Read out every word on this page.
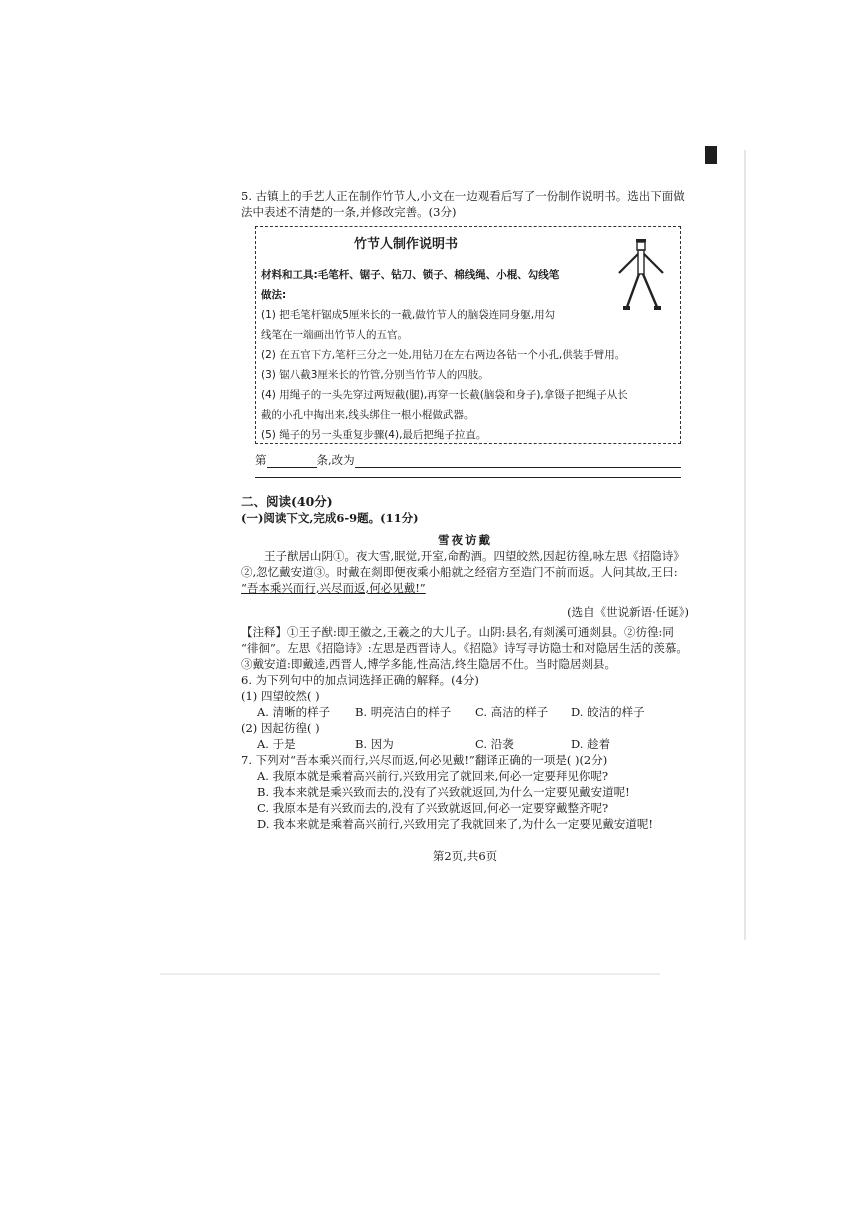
5. 古镇上的手艺人正在制作竹节人,小文在一边观看后写了一份制作说明书。选出下面做法中表述不清楚的一条,并修改完善。(3分)

竹节人制作说明书
材料和工具:毛笔杆、锯子、钻刀、锁子、棉线绳、小棍、勾线笔
做法:
(1) 把毛笔杆锯成5厘米长的一截,做竹节人的脑袋连同身躯,用勾
线笔在一端画出竹节人的五官。
(2) 在五官下方,笔杆三分之一处,用钻刀在左右两边各钻一个小孔,供装手臂用。
(3) 锯八截3厘米长的竹管,分别当竹节人的四肢。
(4) 用绳子的一头先穿过两短截(腿),再穿一长截(脑袋和身子),拿镊子把绳子从长
截的小孔中掏出来,线头绑住一根小棍做武器。
(5) 绳子的另一头重复步骤(4),最后把绳子拉直。
第	条,改为
二、阅读(40分)
(一)阅读下文,完成6-9题。(11分)
雪夜访戴
王子猷居山阴①。夜大雪,眠觉,开室,命酌酒。四望皎然,因起彷徨,咏左思《招隐诗》
②,忽忆戴安道③。时戴在剡即便夜乘小船就之经宿方至造门不前而返。人问其故,王曰:
“吾本乘兴而行,兴尽而返,何必见戴!”
(选自《世说新语·任诞》)
【注释】①王子猷:即王徽之,王羲之的大儿子。山阴:县名,有剡溪可通剡县。②彷徨:同
“徘徊”。左思《招隐诗》:左思是西晋诗人。《招隐》诗写寻访隐士和对隐居生活的羡慕。
③戴安道:即戴逵,西晋人,博学多能,性高洁,终生隐居不仕。当时隐居剡县。
6. 为下列句中的加点词选择正确的解释。(4分)
(1) 四望皎然( )
A. 清晰的样子	B. 明亮洁白的样子	C. 高洁的样子	D. 皎洁的样子
(2) 因起彷徨( )
A. 于是	B. 因为	C. 沿袭	D. 趁着
7. 下列对“吾本乘兴而行,兴尽而返,何必见戴!”翻译正确的一项是( )(2分)
A. 我原本就是乘着高兴前行,兴致用完了就回来,何必一定要拜见你呢?
B. 我本来就是乘兴致而去的,没有了兴致就返回,为什么一定要见戴安道呢!
C. 我原本是有兴致而去的,没有了兴致就返回,何必一定要穿戴整齐呢?
D. 我本来就是乘着高兴前行,兴致用完了我就回来了,为什么一定要见戴安道呢!
第2页,共6页
